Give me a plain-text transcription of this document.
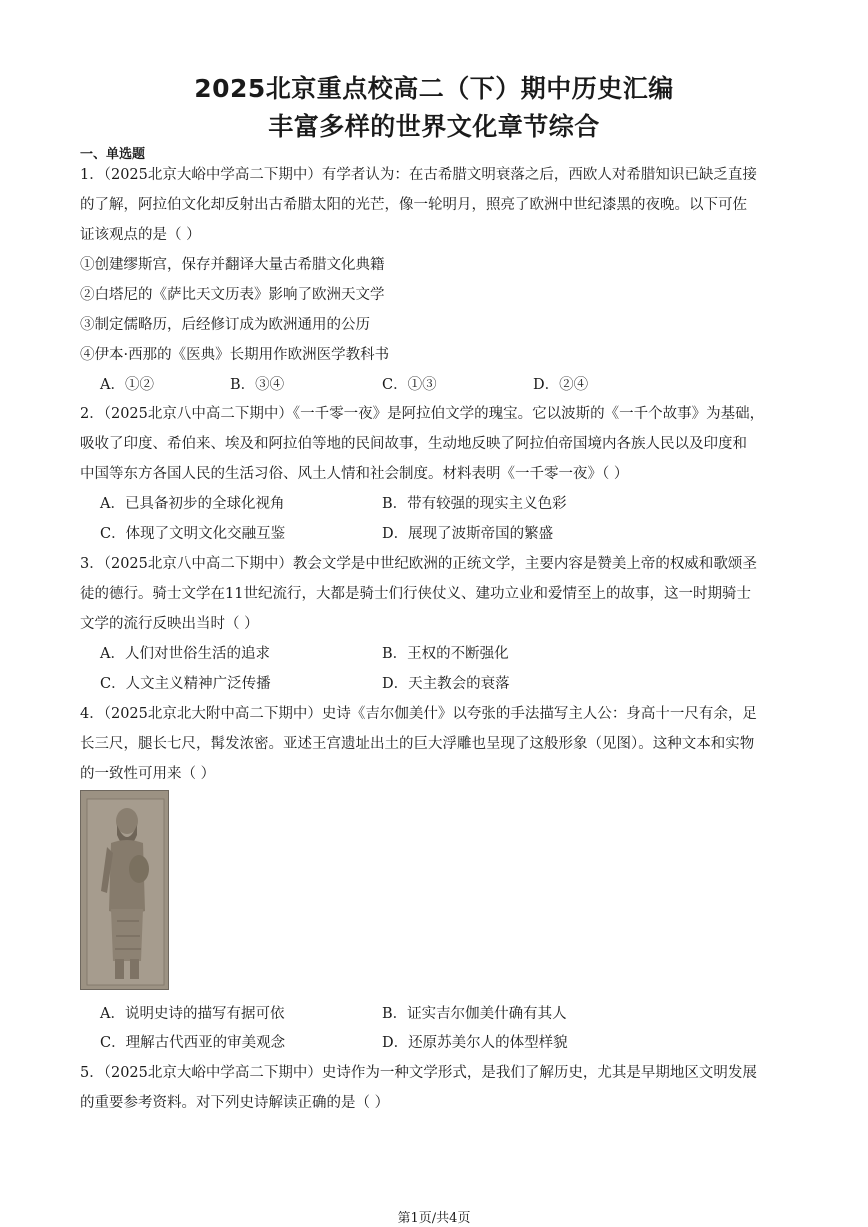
2025北京重点校高二（下）期中历史汇编
丰富多样的世界文化章节综合
一、单选题
1．（2025北京大峪中学高二下期中）有学者认为：在古希腊文明衰落之后，西欧人对希腊知识已缺乏直接
的了解，阿拉伯文化却反射出古希腊太阳的光芒，像一轮明月，照亮了欧洲中世纪漆黑的夜晚。以下可佐
证该观点的是（ ）
①创建缪斯宫，保存并翻译大量古希腊文化典籍
②白塔尼的《萨比天文历表》影响了欧洲天文学
③制定儒略历，后经修订成为欧洲通用的公历
④伊本·西那的《医典》长期用作欧洲医学教科书
A．①②	B．③④	C．①③	D．②④
2．（2025北京八中高二下期中）《一千零一夜》是阿拉伯文学的瑰宝。它以波斯的《一千个故事》为基础，
吸收了印度、希伯来、埃及和阿拉伯等地的民间故事，生动地反映了阿拉伯帝国境内各族人民以及印度和
中国等东方各国人民的生活习俗、风土人情和社会制度。材料表明《一千零一夜》（ ）
A．已具备初步的全球化视角	B．带有较强的现实主义色彩
C．体现了文明文化交融互鉴	D．展现了波斯帝国的繁盛
3．（2025北京八中高二下期中）教会文学是中世纪欧洲的正统文学，主要内容是赞美上帝的权威和歌颂圣
徒的德行。骑士文学在11世纪流行，大都是骑士们行侠仗义、建功立业和爱情至上的故事，这一时期骑士
文学的流行反映出当时（ ）
A．人们对世俗生活的追求	B．王权的不断强化
C．人文主义精神广泛传播	D．天主教会的衰落
4．（2025北京北大附中高二下期中）史诗《吉尔伽美什》以夸张的手法描写主人公：身高十一尺有余，足
长三尺，腿长七尺，髯发浓密。亚述王宫遗址出土的巨大浮雕也呈现了这般形象（见图）。这种文本和实物
的一致性可用来（ ）
A．说明史诗的描写有据可依	B．证实吉尔伽美什确有其人
C．理解古代西亚的审美观念	D．还原苏美尔人的体型样貌
5．（2025北京大峪中学高二下期中）史诗作为一种文学形式，是我们了解历史，尤其是早期地区文明发展
的重要参考资料。对下列史诗解读正确的是（ ）
第1页/共4页
